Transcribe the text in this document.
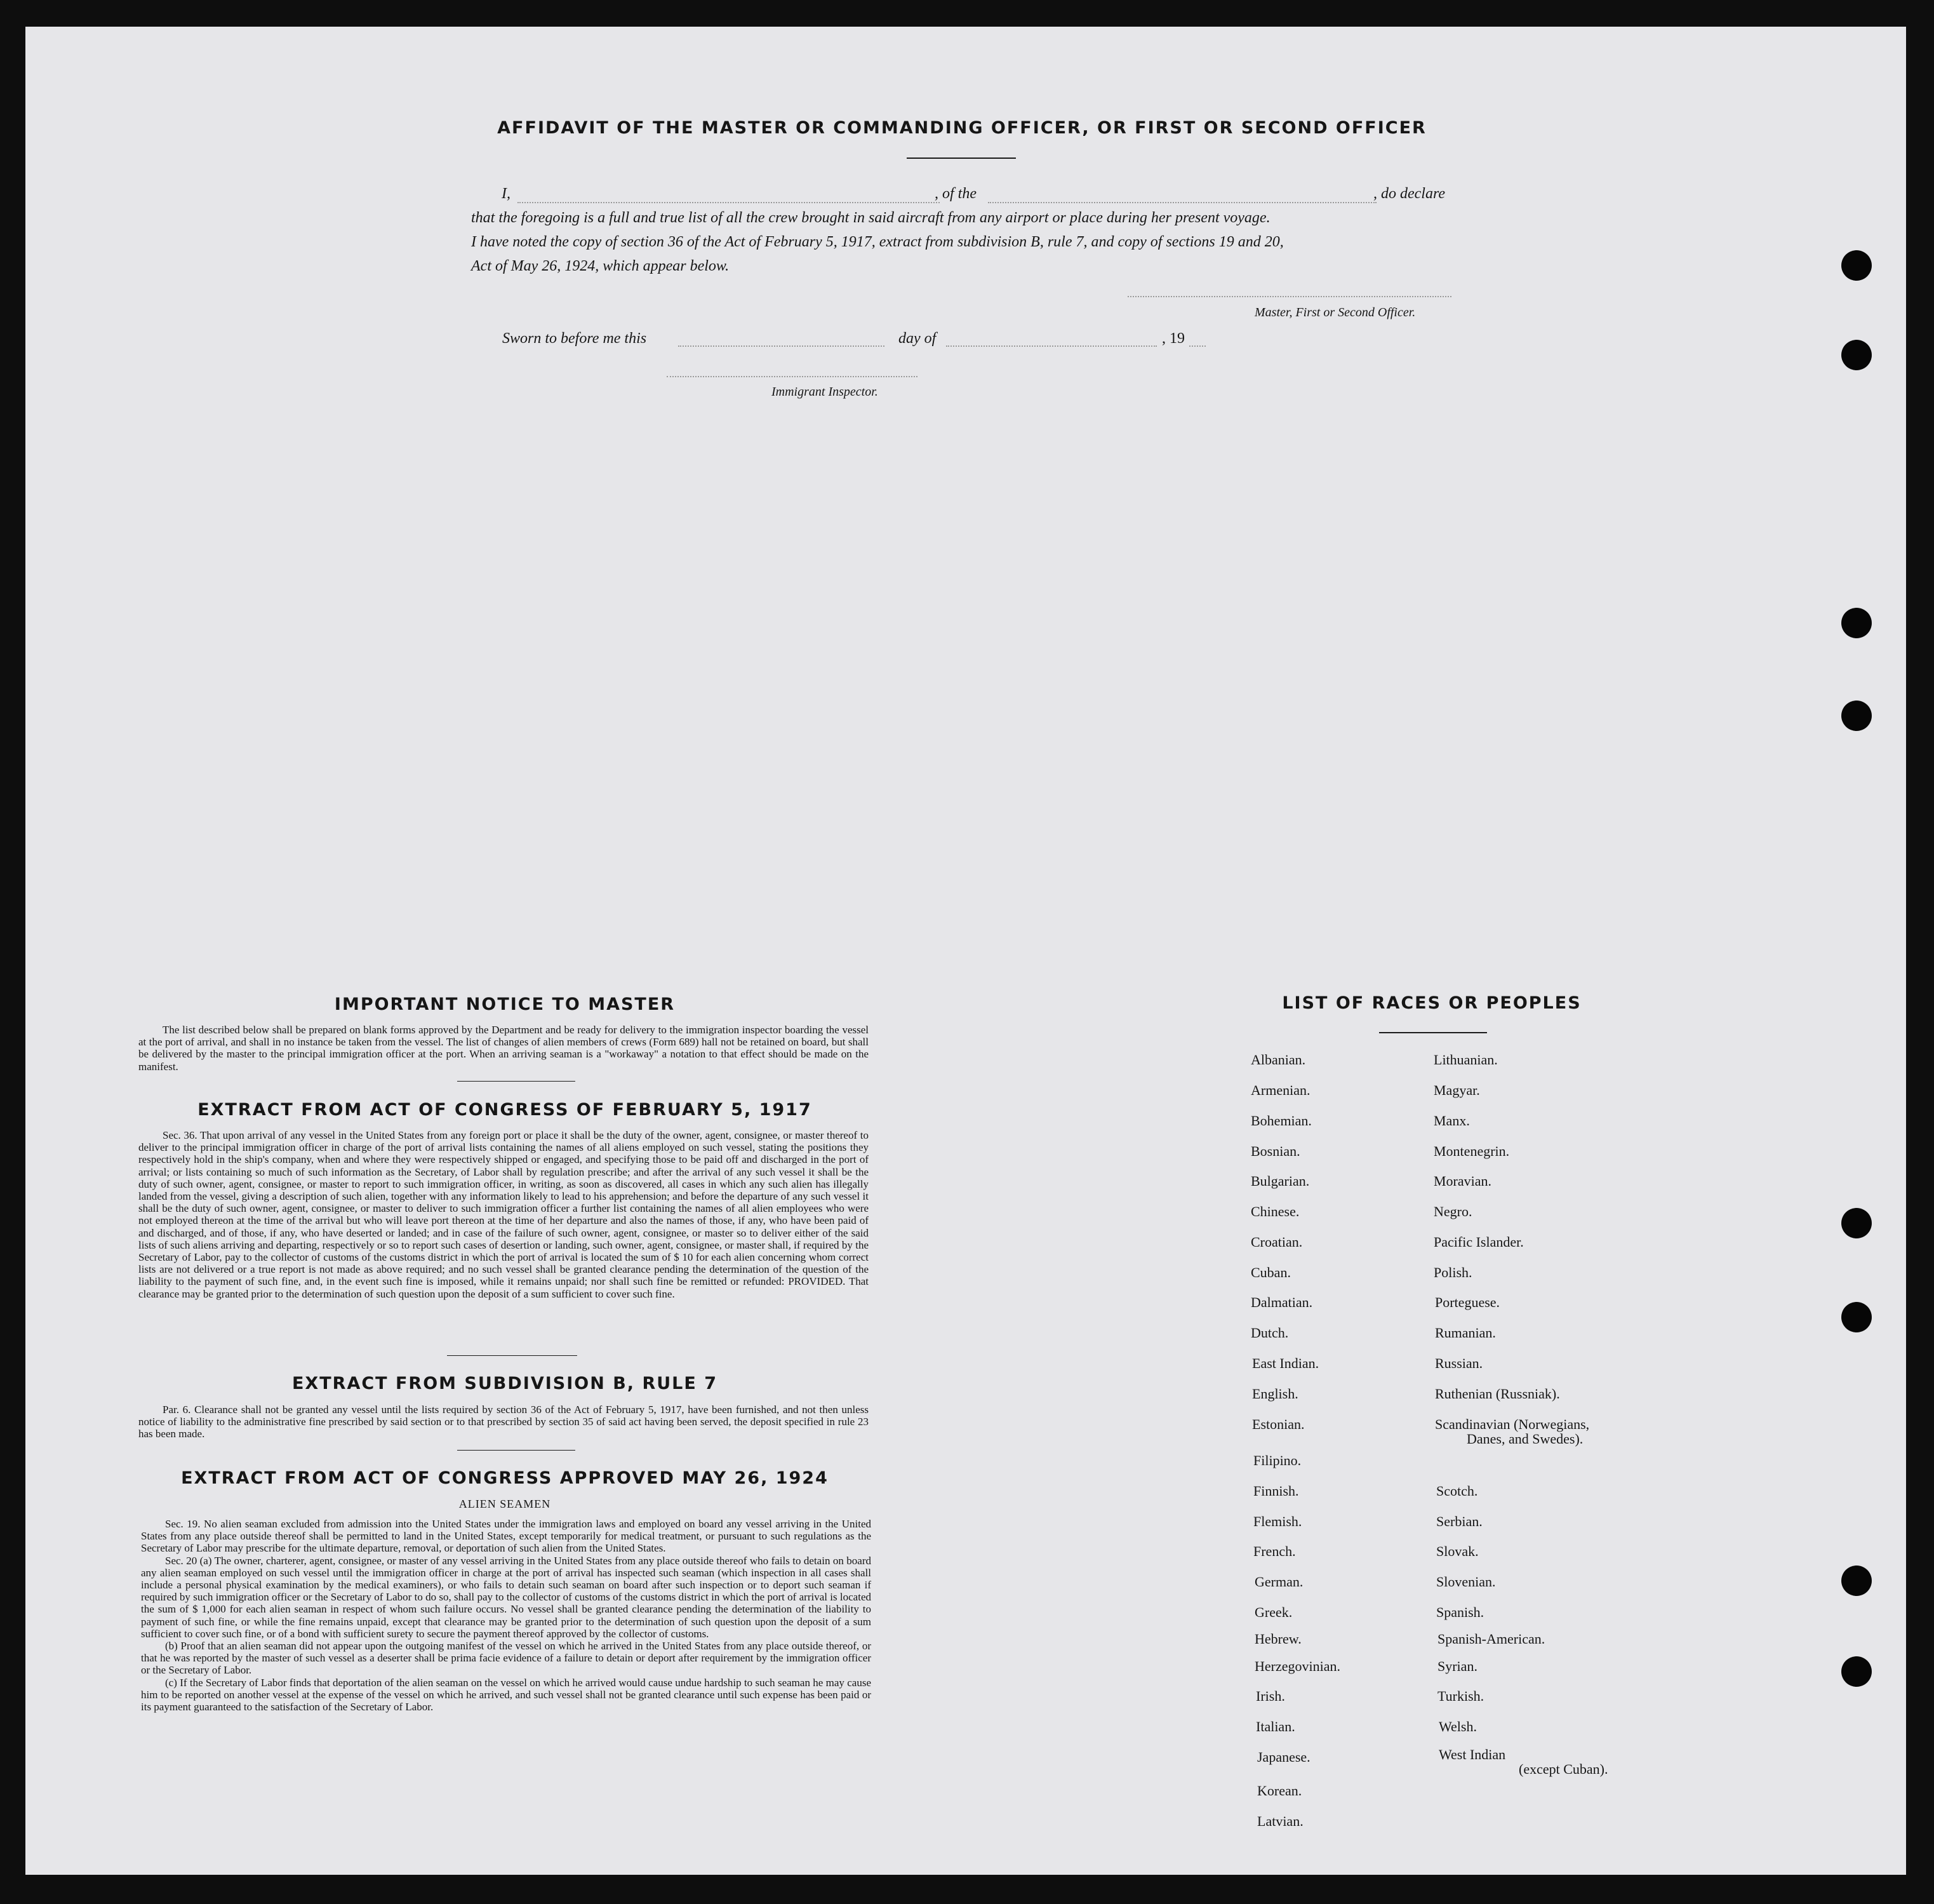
AFFIDAVIT OF THE MASTER OR COMMANDING OFFICER, OR FIRST OR SECOND OFFICER
I,	, of the	, do declare
that the foregoing is a full and true list of all the crew brought in said aircraft from any airport or place during her present voyage.
I have noted the copy of section 36 of the Act of February 5, 1917, extract from subdivision B, rule 7, and copy of sections 19 and 20,
Act of May 26, 1924, which appear below.
Master, First or Second Officer.
Sworn to before me this	day of	, 19
Immigrant Inspector.
IMPORTANT NOTICE TO MASTER

The list described below shall be prepared on blank forms approved by the Department and be ready for delivery to the immigration inspector boarding the vessel at the port of arrival, and shall in no instance be taken from the vessel. The list of changes of alien members of crews (Form 689) hall not be retained on board, but shall be delivered by the master to the principal immigration officer at the port. When an arriving seaman is a "workaway" a notation to that effect should be made on the manifest.

EXTRACT FROM ACT OF CONGRESS OF FEBRUARY 5, 1917

Sec. 36. That upon arrival of any vessel in the United States from any foreign port or place it shall be the duty of the owner, agent, consignee, or master thereof to deliver to the principal immigration officer in charge of the port of arrival lists containing the names of all aliens employed on such vessel, stating the positions they respectively hold in the ship's company, when and where they were respectively shipped or engaged, and specifying those to be paid off and discharged in the port of arrival; or lists containing so much of such information as the Secretary, of Labor shall by regulation prescribe; and after the arrival of any such vessel it shall be the duty of such owner, agent, consignee, or master to report to such immigration officer, in writing, as soon as discovered, all cases in which any such alien has illegally landed from the vessel, giving a description of such alien, together with any information likely to lead to his apprehension; and before the departure of any such vessel it shall be the duty of such owner, agent, consignee, or master to deliver to such immigration officer a further list containing the names of all alien employees who were not employed thereon at the time of the arrival but who will leave port thereon at the time of her departure and also the names of those, if any, who have been paid of and discharged, and of those, if any, who have deserted or landed; and in case of the failure of such owner, agent, consignee, or master so to deliver either of the said lists of such aliens arriving and departing, respectively or so to report such cases of desertion or landing, such owner, agent, consignee, or master shall, if required by the Secretary of Labor, pay to the collector of customs of the customs district in which the port of arrival is located the sum of $ 10 for each alien concerning whom correct lists are not delivered or a true report is not made as above required; and no such vessel shall be granted clearance pending the determination of the question of the liability to the payment of such fine, and, in the event such fine is imposed, while it remains unpaid; nor shall such fine be remitted or refunded: PROVIDED. That clearance may be granted prior to the determination of such question upon the deposit of a sum sufficient to cover such fine.

EXTRACT FROM SUBDIVISION B, RULE 7

Par. 6. Clearance shall not be granted any vessel until the lists required by section 36 of the Act of February 5, 1917, have been furnished, and not then unless notice of liability to the administrative fine prescribed by said section or to that prescribed by section 35 of said act having been served, the deposit specified in rule 23 has been made.

EXTRACT FROM ACT OF CONGRESS APPROVED MAY 26, 1924
ALIEN SEAMEN

Sec. 19. No alien seaman excluded from admission into the United States under the immigration laws and employed on board any vessel arriving in the United States from any place outside thereof shall be permitted to land in the United States, except temporarily for medical treatment, or pursuant to such regulations as the Secretary of Labor may prescribe for the ultimate departure, removal, or deportation of such alien from the United States.

Sec. 20 (a) The owner, charterer, agent, consignee, or master of any vessel arriving in the United States from any place outside thereof who fails to detain on board any alien seaman employed on such vessel until the immigration officer in charge at the port of arrival has inspected such seaman (which inspection in all cases shall include a personal physical examination by the medical examiners), or who fails to detain such seaman on board after such inspection or to deport such seaman if required by such immigration officer or the Secretary of Labor to do so, shall pay to the collector of customs of the customs district in which the port of arrival is located the sum of $ 1,000 for each alien seaman in respect of whom such failure occurs. No vessel shall be granted clearance pending the determination of the liability to payment of such fine, or while the fine remains unpaid, except that clearance may be granted prior to the determination of such question upon the deposit of a sum sufficient to cover such fine, or of a bond with sufficient surety to secure the payment thereof approved by the collector of customs.

(b) Proof that an alien seaman did not appear upon the outgoing manifest of the vessel on which he arrived in the United States from any place outside thereof, or that he was reported by the master of such vessel as a deserter shall be prima facie evidence of a failure to detain or deport after requirement by the immigration officer or the Secretary of Labor.

(c) If the Secretary of Labor finds that deportation of the alien seaman on the vessel on which he arrived would cause undue hardship to such seaman he may cause him to be reported on another vessel at the expense of the vessel on which he arrived, and such vessel shall not be granted clearance until such expense has been paid or its payment guaranteed to the satisfaction of the Secretary of Labor.

LIST OF RACES OR PEOPLES
Albanian.
Armenian.
Bohemian.
Bosnian.
Bulgarian.
Chinese.
Croatian.
Cuban.
Dalmatian.
Dutch.
East Indian.
English.
Estonian.
Filipino.
Finnish.
Flemish.
French.
German.
Greek.
Hebrew.
Herzegovinian.
Irish.
Italian.
Japanese.
Korean.
Latvian.
Lithuanian.
Magyar.
Manx.
Montenegrin.
Moravian.
Negro.
Pacific Islander.
Polish.
Porteguese.
Rumanian.
Russian.
Ruthenian (Russniak).
Scandinavian (Norwegians,
Danes, and Swedes).
Scotch.
Serbian.
Slovak.
Slovenian.
Spanish.
Spanish-American.
Syrian.
Turkish.
Welsh.
West Indian
(except Cuban).
